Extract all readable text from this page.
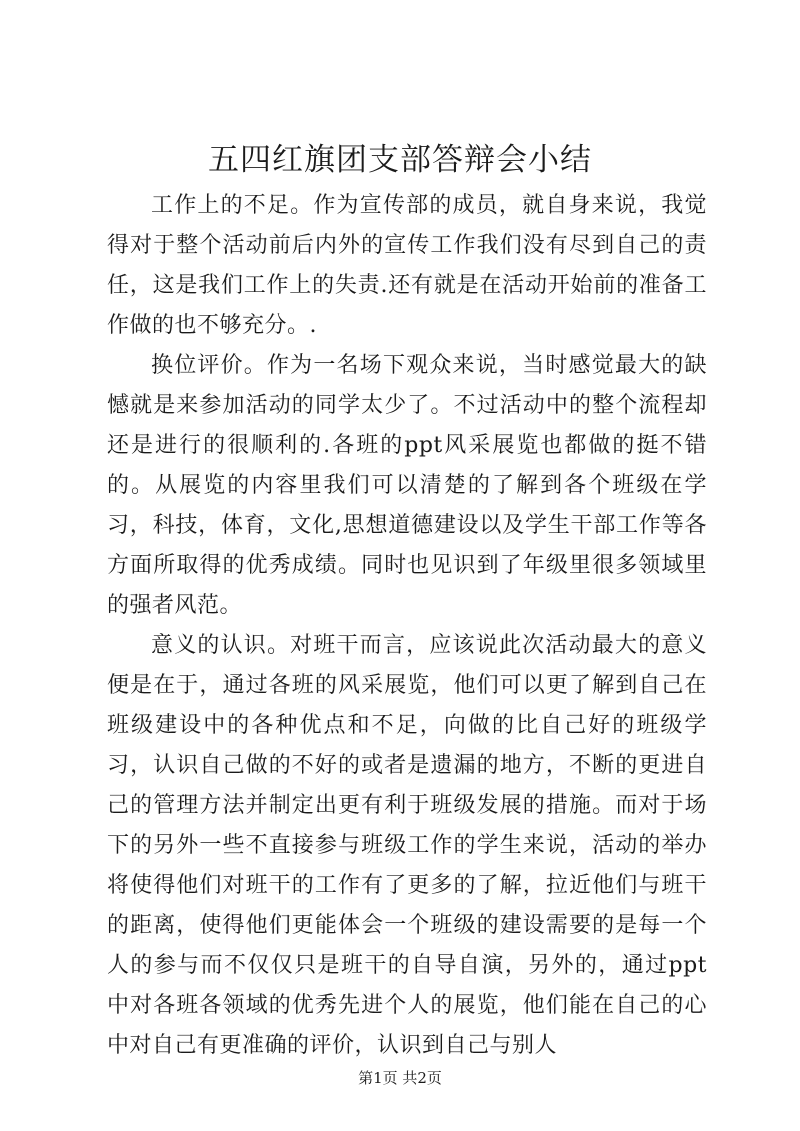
五四红旗团支部答辩会小结

工作上的不足。作为宣传部的成员，就自身来说，我觉得对于整个活动前后内外的宣传工作我们没有尽到自己的责任，这是我们工作上的失责.还有就是在活动开始前的准备工作做的也不够充分。.

换位评价。作为一名场下观众来说，当时感觉最大的缺憾就是来参加活动的同学太少了。不过活动中的整个流程却还是进行的很顺利的.各班的ppt风采展览也都做的挺不错的。从展览的内容里我们可以清楚的了解到各个班级在学习，科技，体育，文化,思想道德建设以及学生干部工作等各方面所取得的优秀成绩。同时也见识到了年级里很多领域里的强者风范。

意义的认识。对班干而言，应该说此次活动最大的意义便是在于，通过各班的风采展览，他们可以更了解到自己在班级建设中的各种优点和不足，向做的比自己好的班级学习，认识自己做的不好的或者是遗漏的地方，不断的更进自己的管理方法并制定出更有利于班级发展的措施。而对于场下的另外一些不直接参与班级工作的学生来说，活动的举办将使得他们对班干的工作有了更多的了解，拉近他们与班干的距离，使得他们更能体会一个班级的建设需要的是每一个人的参与而不仅仅只是班干的自导自演，另外的，通过ppt中对各班各领域的优秀先进个人的展览，他们能在自己的心中对自己有更准确的评价，认识到自己与别人

第1页 共2页
